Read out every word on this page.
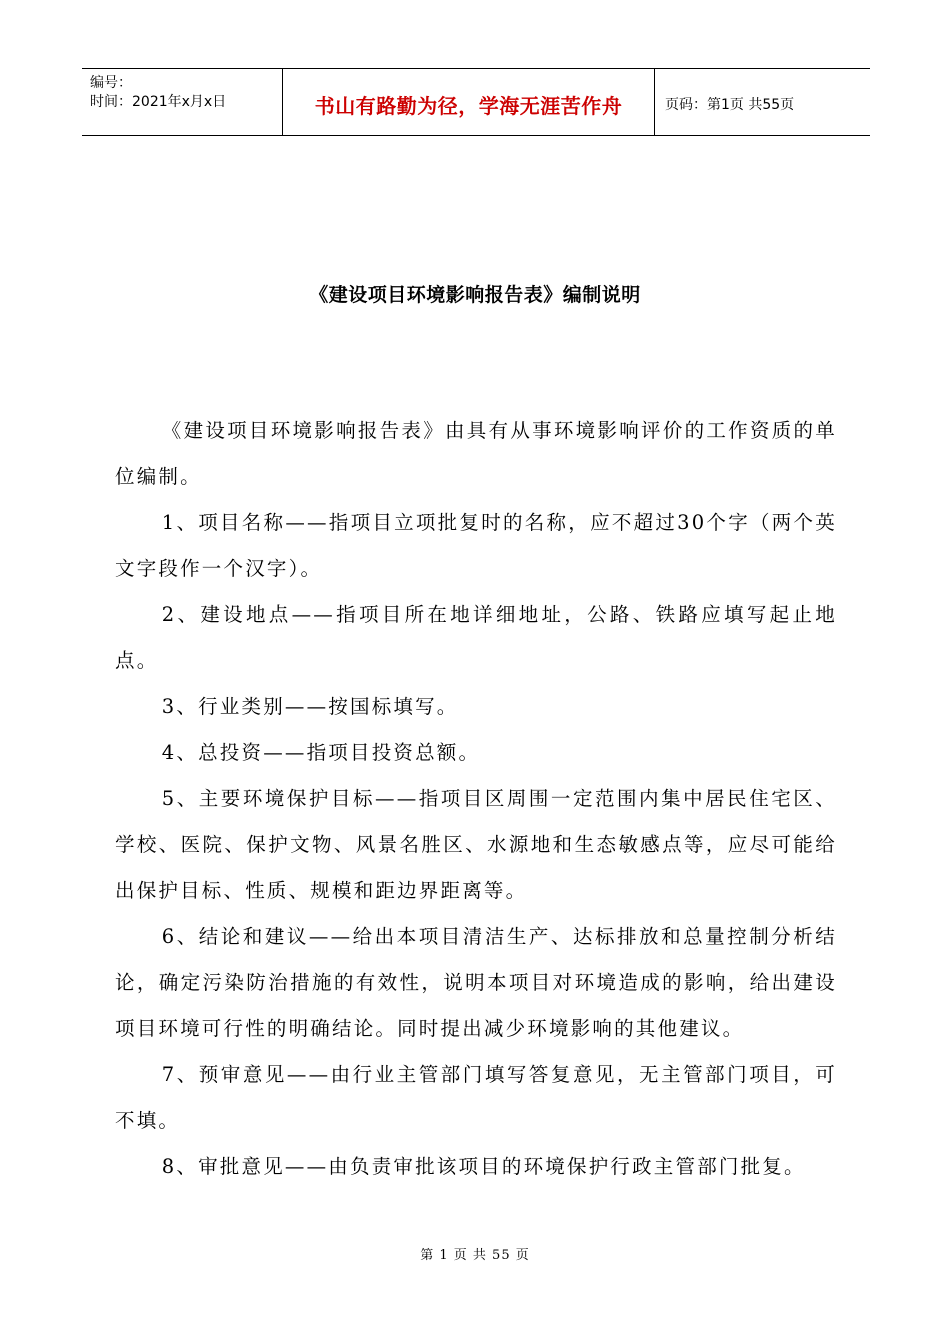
编号：
时间：2021年x月x日	书山有路勤为径，学海无涯苦作舟	页码：第1页 共55页
《建设项目环境影响报告表》编制说明

《建设项目环境影响报告表》由具有从事环境影响评价的工作资质的单位编制。

1、项目名称——指项目立项批复时的名称，应不超过30个字（两个英文字段作一个汉字）。

2、建设地点——指项目所在地详细地址，公路、铁路应填写起止地点。

3、行业类别——按国标填写。

4、总投资——指项目投资总额。

5、主要环境保护目标——指项目区周围一定范围内集中居民住宅区、学校、医院、保护文物、风景名胜区、水源地和生态敏感点等，应尽可能给出保护目标、性质、规模和距边界距离等。

6、结论和建议——给出本项目清洁生产、达标排放和总量控制分析结论，确定污染防治措施的有效性，说明本项目对环境造成的影响，给出建设项目环境可行性的明确结论。同时提出减少环境影响的其他建议。

7、预审意见——由行业主管部门填写答复意见，无主管部门项目，可不填。

8、审批意见——由负责审批该项目的环境保护行政主管部门批复。

第 1 页 共 55 页
